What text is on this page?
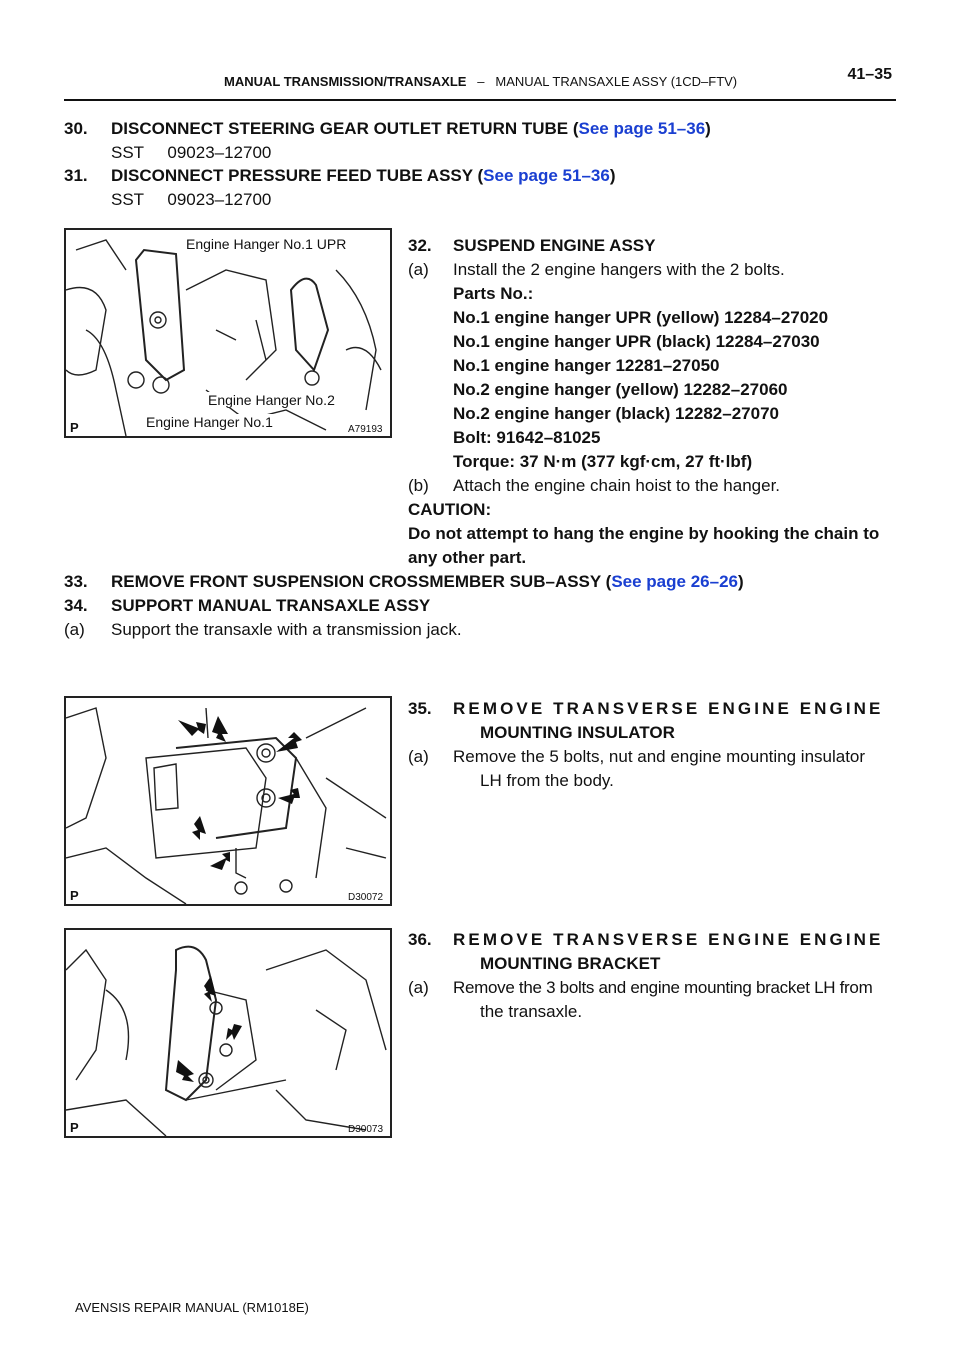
MANUAL TRANSMISSION/TRANSAXLE – MANUAL TRANSAXLE ASSY (1CD–FTV)	41–35
30. DISCONNECT STEERING GEAR OUTLET RETURN TUBE (See page 51–36)
SST     09023–12700
31. DISCONNECT PRESSURE FEED TUBE ASSY (See page 51–36)
SST     09023–12700
Engine Hanger No.1 UPR
Engine Hanger No.2
Engine Hanger No.1
P	A79193
32. SUSPEND ENGINE ASSY
(a) Install the 2 engine hangers with the 2 bolts.
Parts No.:
No.1 engine hanger UPR (yellow) 12284–27020
No.1 engine hanger UPR (black) 12284–27030
No.1 engine hanger 12281–27050
No.2 engine hanger (yellow) 12282–27060
No.2 engine hanger (black) 12282–27070
Bolt: 91642–81025
Torque: 37 N·m (377 kgf·cm, 27 ft·lbf)
(b) Attach the engine chain hoist to the hanger.
CAUTION:
Do not attempt to hang the engine by hooking the chain to
any other part.
33. REMOVE FRONT SUSPENSION CROSSMEMBER SUB–ASSY (See page 26–26)
34. SUPPORT MANUAL TRANSAXLE ASSY
(a) Support the transaxle with a transmission jack.
P	D30072
35. REMOVE TRANSVERSE ENGINE ENGINE
MOUNTING INSULATOR
(a) Remove the 5 bolts, nut and engine mounting insulator
LH from the body.
P	D30073
36. REMOVE TRANSVERSE ENGINE ENGINE
MOUNTING BRACKET
(a) Remove the 3 bolts and engine mounting bracket LH from
the transaxle.
AVENSIS REPAIR MANUAL (RM1018E)
